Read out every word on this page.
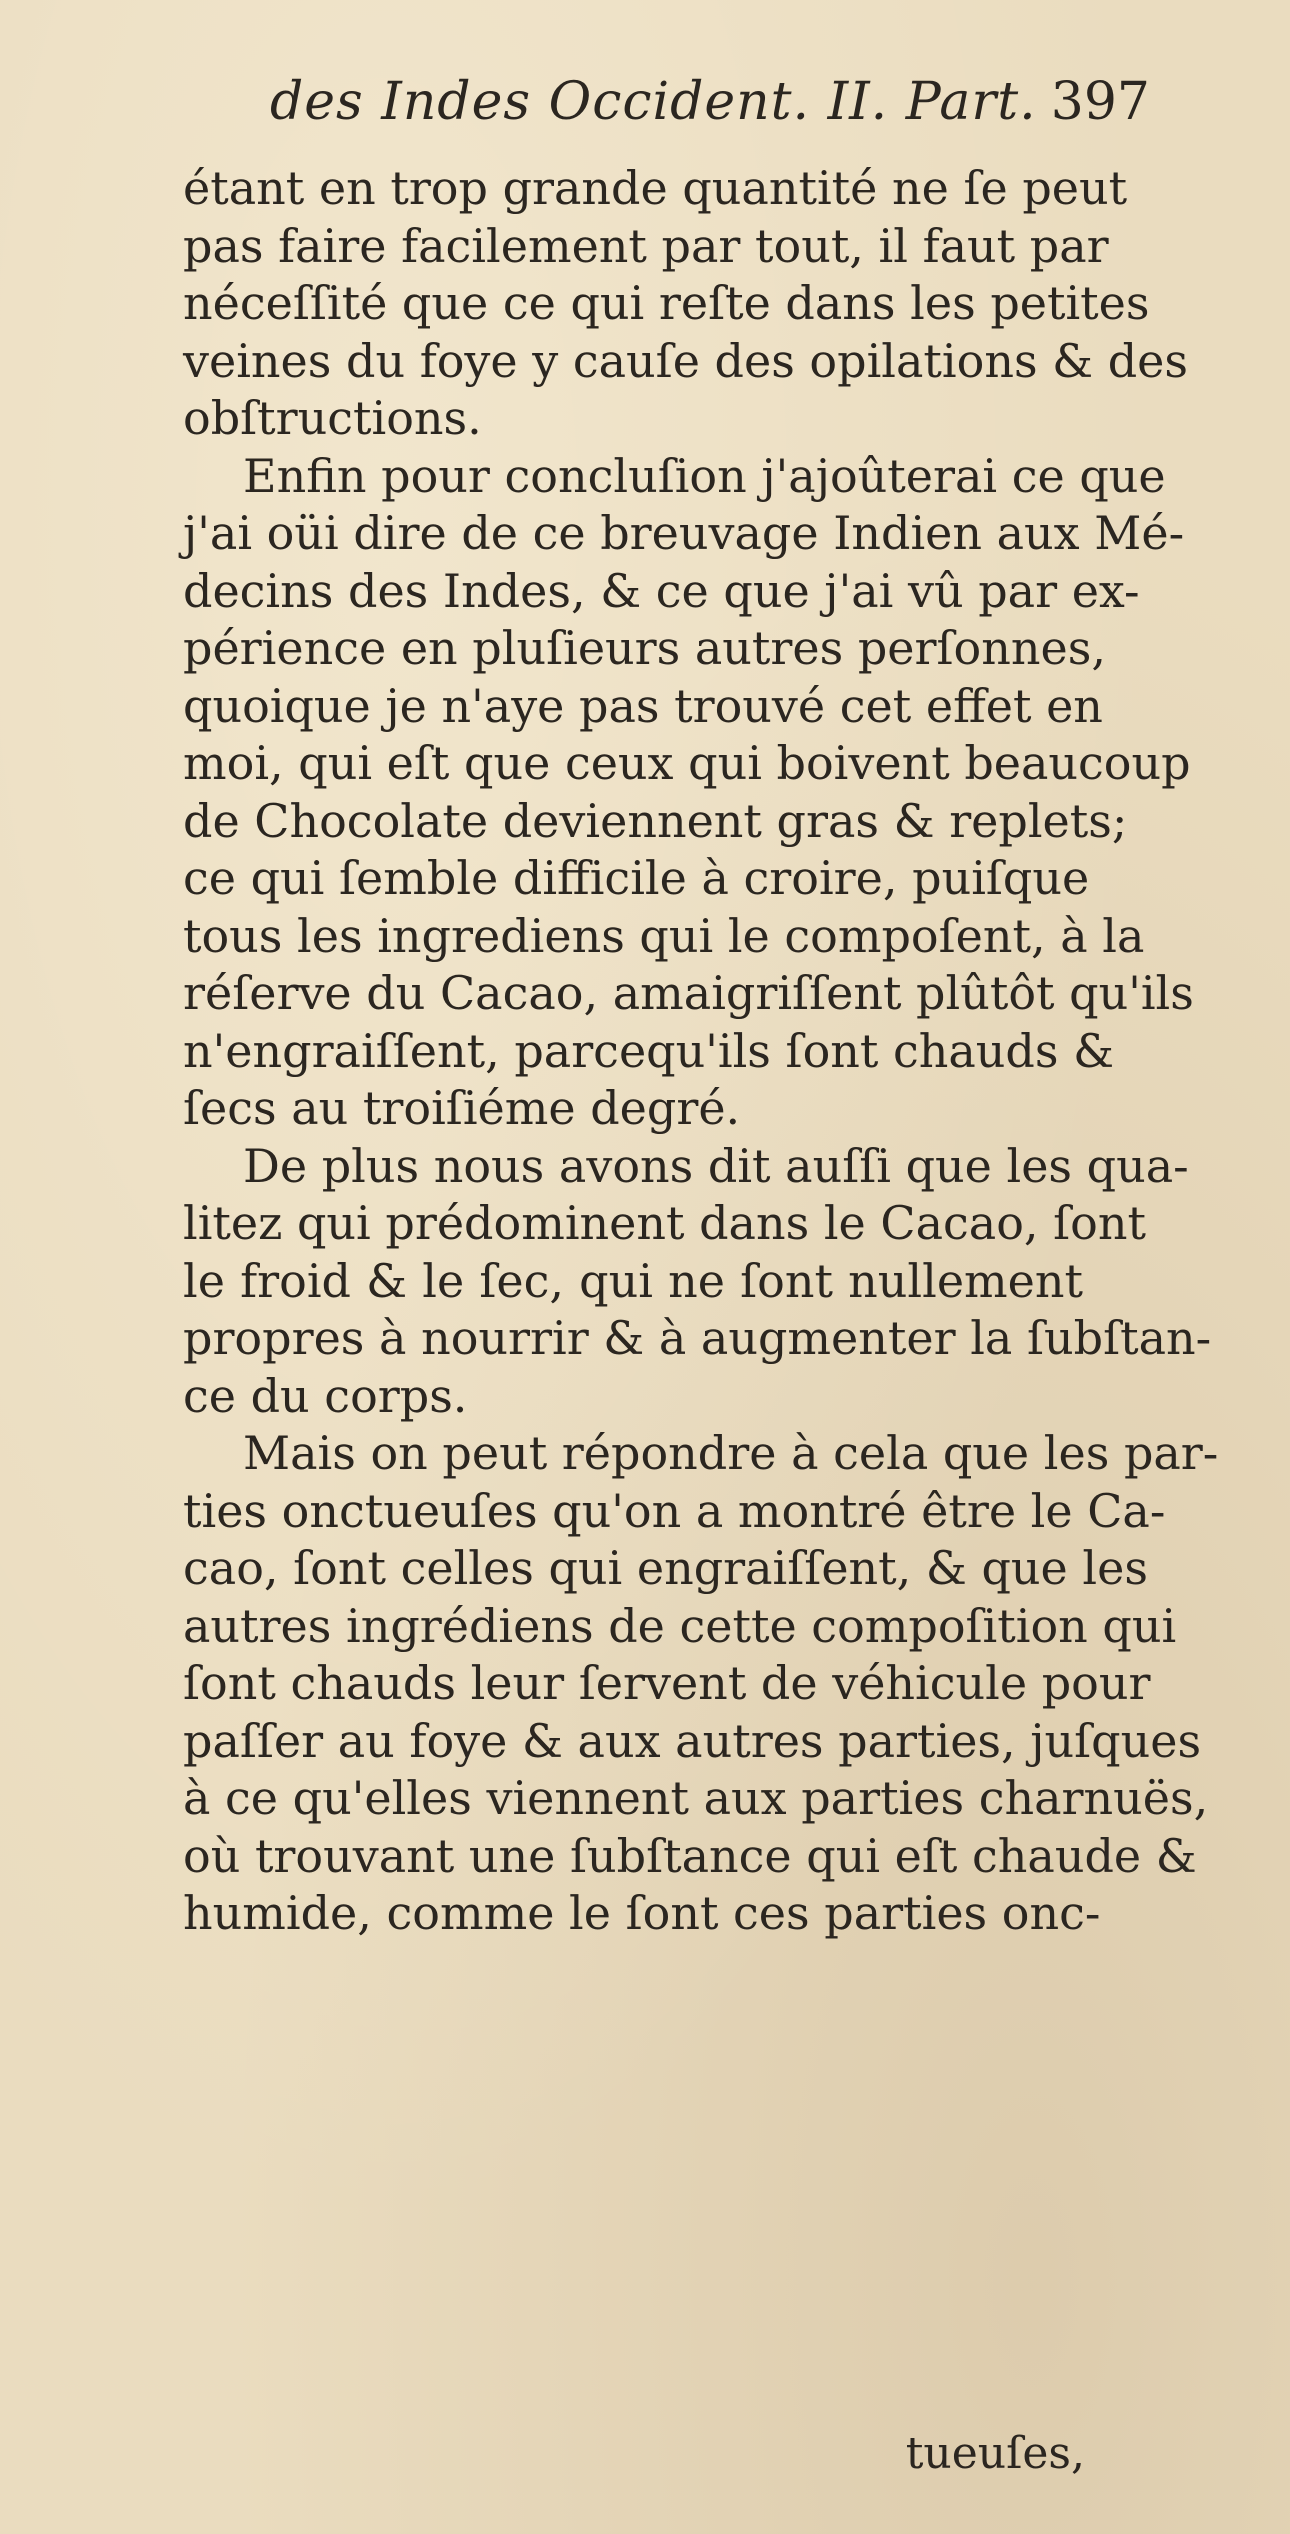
des Indes Occident. II. Part. 397
étant en trop grande quantité ne ſe peut
pas faire facilement par tout, il faut par
néceſſité que ce qui reſte dans les petites
veines du foye y cauſe des opilations & des
obſtructions.
Enfin pour concluſion j'ajoûterai ce que
j'ai oüi dire de ce breuvage Indien aux Mé-
decins des Indes, & ce que j'ai vû par ex-
périence en pluſieurs autres perſonnes,
quoique je n'aye pas trouvé cet effet en
moi, qui eſt que ceux qui boivent beaucoup
de Chocolate deviennent gras & replets;
ce qui ſemble difficile à croire, puiſque
tous les ingrediens qui le compoſent, à la
réſerve du Cacao, amaigriſſent plûtôt qu'ils
n'engraiſſent, parcequ'ils ſont chauds &
ſecs au troiſiéme degré.
De plus nous avons dit auſſi que les qua-
litez qui prédominent dans le Cacao, ſont
le froid & le ſec, qui ne ſont nullement
propres à nourrir & à augmenter la ſubſtan-
ce du corps.
Mais on peut répondre à cela que les par-
ties onctueuſes qu'on a montré être le Ca-
cao, ſont celles qui engraiſſent, & que les
autres ingrédiens de cette compoſition qui
ſont chauds leur ſervent de véhicule pour
paſſer au foye & aux autres parties, juſques
à ce qu'elles viennent aux parties charnuës,
où trouvant une ſubſtance qui eſt chaude &
humide, comme le ſont ces parties onc-
tueuſes,
